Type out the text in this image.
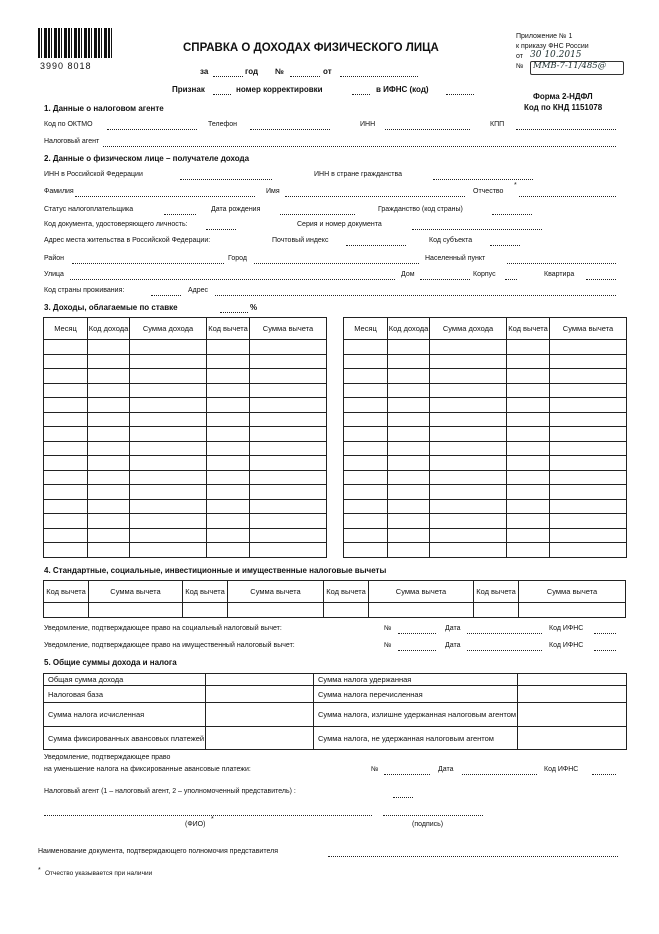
3990 8018
Приложение № 1
к приказу ФНС России
от 30 10.2015
№ ММВ-7-11/485@
СПРАВКА О ДОХОДАХ ФИЗИЧЕСКОГО ЛИЦА
за	год №	от
Признак	номер корректировки	в ИФНС (код)
Форма 2-НДФЛ
Код по КНД 1151078
1. Данные о налоговом агенте
Код по ОКТМО	Телефон	ИНН	КПП
Налоговый агент
2. Данные о физическом лице – получателе дохода
ИНН в Российской Федерации	ИНН в стране гражданства
Фамилия	Имя	Отчество
*
Статус налогоплательщика	Дата рождения	Гражданство (код страны)
Код документа, удостоверяющего личность:	Серия и номер документа
Адрес места жительства в Российской Федерации:	Почтовый индекс	Код субъекта
Район	Город	Населенный пункт
Улица	Дом	Корпус	Квартира
Код страны проживания:	Адрес
3. Доходы, облагаемые по ставке	%
Месяц	Код дохода	Сумма дохода	Код вычета	Сумма вычета

					Месяц	Код дохода	Сумма дохода	Код вычета	Сумма вычета

4. Стандартные, социальные, инвестиционные и имущественные налоговые вычеты
Код вычета	Сумма вычета	Код вычета	Сумма вычета	Код вычета	Сумма вычета	Код вычета	Сумма вычета

Уведомление, подтверждающее право на социальный налоговый вычет:	№	Дата	Код ИФНС
Уведомление, подтверждающее право на имущественный налоговый вычет:	№	Дата	Код ИФНС
5. Общие суммы дохода и налога
Общая сумма дохода		Сумма налога удержанная	
Налоговая база		Сумма налога перечисленная	
Сумма налога исчисленная		Сумма налога, излишне удержанная налоговым агентом	
Сумма фиксированных авансовых платежей		Сумма налога, не удержанная налоговым агентом	
Уведомление, подтверждающее право
на уменьшение налога на фиксированные авансовые платежи:	№	Дата	Код ИФНС
Налоговый агент (1 – налоговый агент, 2 – уполномоченный представитель) :
(ФИО)
*
(подпись)
Наименование документа, подтверждающего полномочия представителя
* Отчество указывается при наличии
